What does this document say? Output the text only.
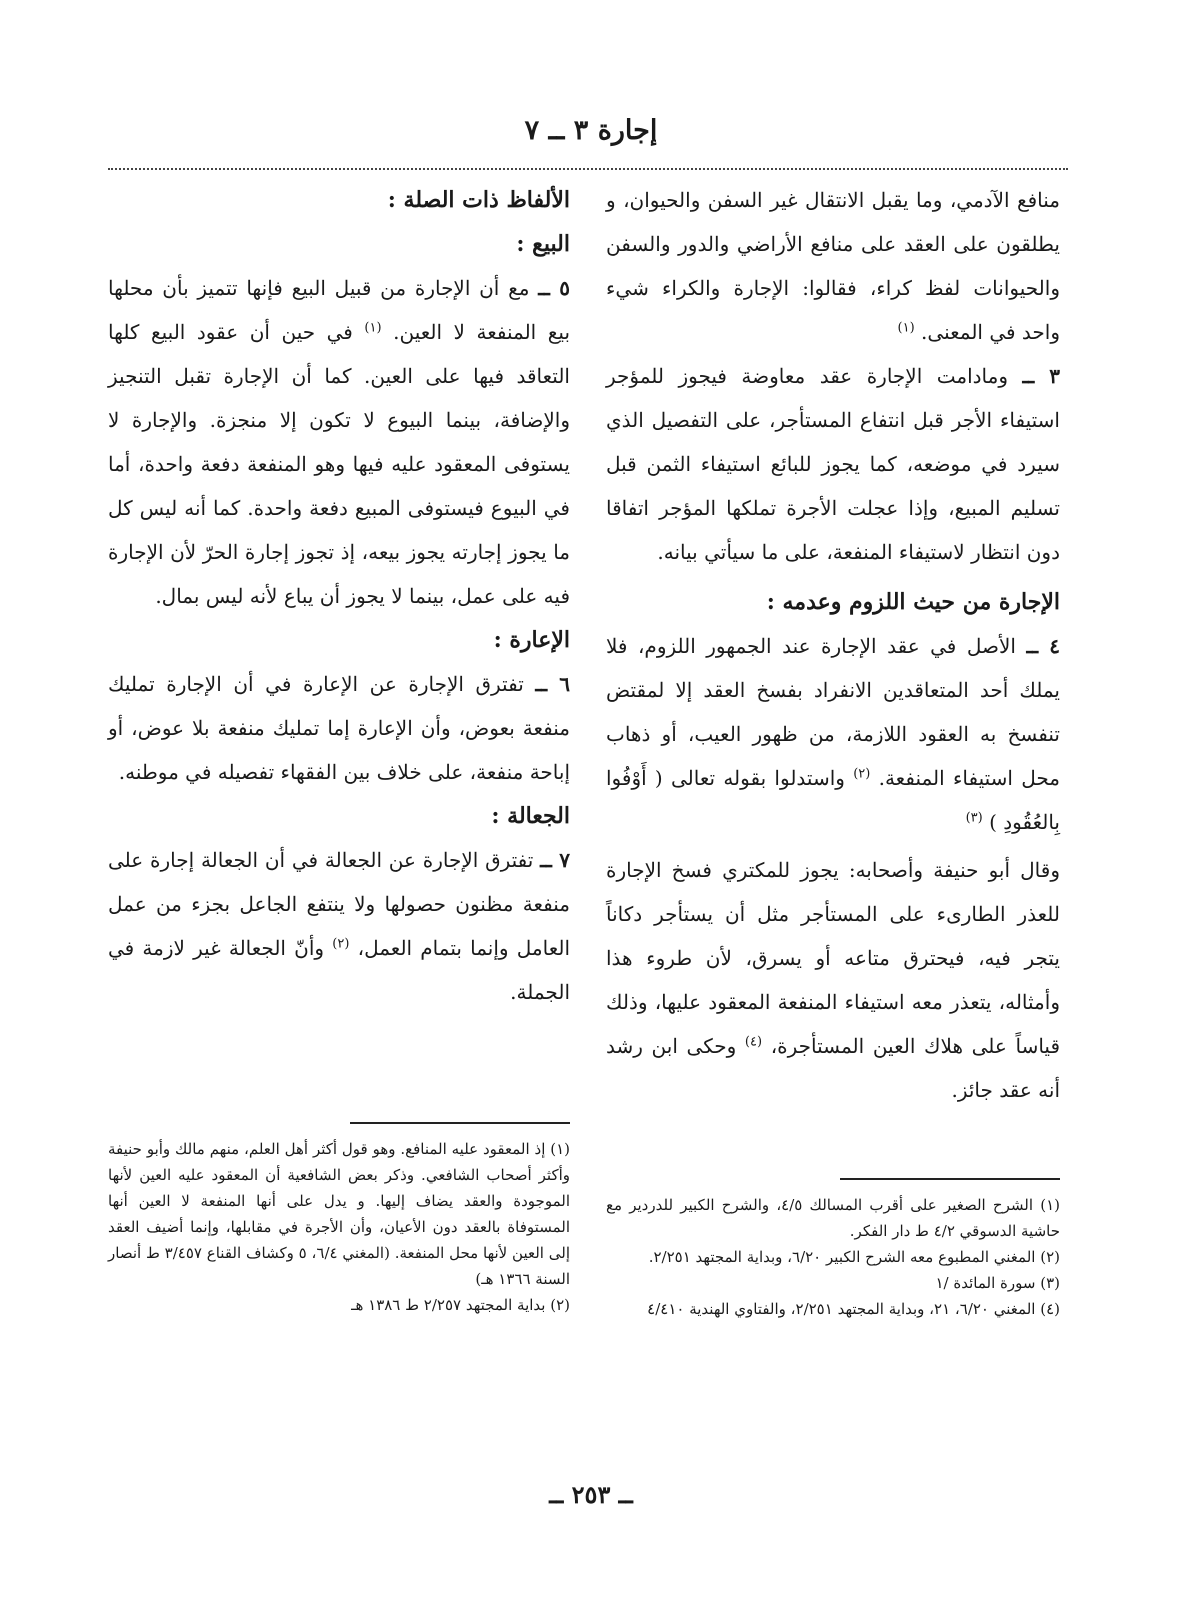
إجارة ٣ ــ ٧

منافع الآدمي، وما يقبل الانتقال غير السفن والحيوان، و يطلقون على العقد على منافع الأراضي والدور والسفن والحيوانات لفظ كراء، فقالوا: الإجارة والكراء شيء واحد في المعنى. $^{(١)}$

٣ ــ ومادامت الإجارة عقد معاوضة فيجوز للمؤجر استيفاء الأجر قبل انتفاع المستأجر، على التفصيل الذي سيرد في موضعه، كما يجوز للبائع استيفاء الثمن قبل تسليم المبيع، وإذا عجلت الأجرة تملكها المؤجر اتفاقا دون انتظار لاستيفاء المنفعة، على ما سيأتي بيانه.

الإجارة من حيث اللزوم وعدمه :

٤ ــ الأصل في عقد الإجارة عند الجمهور اللزوم، فلا يملك أحد المتعاقدين الانفراد بفسخ العقد إلا لمقتض تنفسخ به العقود اللازمة، من ظهور العيب، أو ذهاب محل استيفاء المنفعة. $^{(٢)}$ واستدلوا بقوله تعالى ( أَوْفُوا بِالعُقُودِ ) $^{(٣)}$

وقال أبو حنيفة وأصحابه: يجوز للمكتري فسخ الإجارة للعذر الطارىء على المستأجر مثل أن يستأجر دكاناً يتجر فيه، فيحترق متاعه أو يسرق، لأن طروء هذا وأمثاله، يتعذر معه استيفاء المنفعة المعقود عليها، وذلك قياساً على هلاك العين المستأجرة، $^{(٤)}$ وحكى ابن رشد أنه عقد جائز.

الألفاظ ذات الصلة :

البيع :

٥ ــ مع أن الإجارة من قبيل البيع فإنها تتميز بأن محلها بيع المنفعة لا العين. $^{(١)}$ في حين أن عقود البيع كلها التعاقد فيها على العين. كما أن الإجارة تقبل التنجيز والإضافة، بينما البيوع لا تكون إلا منجزة. والإجارة لا يستوفى المعقود عليه فيها وهو المنفعة دفعة واحدة، أما في البيوع فيستوفى المبيع دفعة واحدة. كما أنه ليس كل ما يجوز إجارته يجوز بيعه، إذ تجوز إجارة الحرّ لأن الإجارة فيه على عمل، بينما لا يجوز أن يباع لأنه ليس بمال.

الإعارة :

٦ ــ تفترق الإجارة عن الإعارة في أن الإجارة تمليك منفعة بعوض، وأن الإعارة إما تمليك منفعة بلا عوض، أو إباحة منفعة، على خلاف بين الفقهاء تفصيله في موطنه.

الجعالة :

٧ ــ تفترق الإجارة عن الجعالة في أن الجعالة إجارة على منفعة مظنون حصولها ولا ينتفع الجاعل بجزء من عمل العامل وإنما بتمام العمل، $^{(٢)}$ وأنّ الجعالة غير لازمة في الجملة.

(١) الشرح الصغير على أقرب المسالك ٤/٥، والشرح الكبير للدردير مع حاشية الدسوقي ٤/٢ ط دار الفكر.

(٢) المغني المطبوع معه الشرح الكبير ٦/٢٠، وبداية المجتهد ٢/٢٥١.

(٣) سورة المائدة /١

(٤) المغني ٦/٢٠، ٢١، وبداية المجتهد ٢/٢٥١، والفتاوي الهندية ٤/٤١٠

(١) إذ المعقود عليه المنافع. وهو قول أكثر أهل العلم، منهم مالك وأبو حنيفة وأكثر أصحاب الشافعي. وذكر بعض الشافعية أن المعقود عليه العين لأنها الموجودة والعقد يضاف إليها. و يدل على أنها المنفعة لا العين أنها المستوفاة بالعقد دون الأعيان، وأن الأجرة في مقابلها، وإنما أضيف العقد إلى العين لأنها محل المنفعة. (المغني ٦/٤، ٥ وكشاف القناع ٣/٤٥٧ ط أنصار السنة ١٣٦٦ هـ)

(٢) بداية المجتهد ٢/٢٥٧ ط ١٣٨٦ هـ

ــ ٢٥٣ ــ
